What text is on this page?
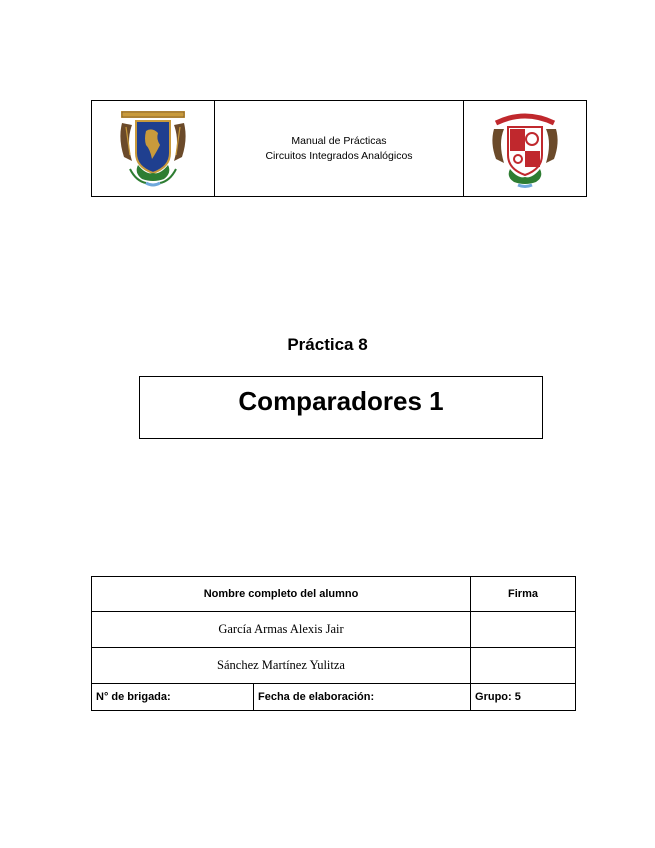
Manual de Prácticas
Circuitos Integrados Analógicos

Práctica 8
Comparadores 1
Nombre completo del alumno		Firma
García Armas Alexis Jair		
Sánchez Martínez Yulitza		
N° de brigada:	Fecha de elaboración:	Grupo: 5
